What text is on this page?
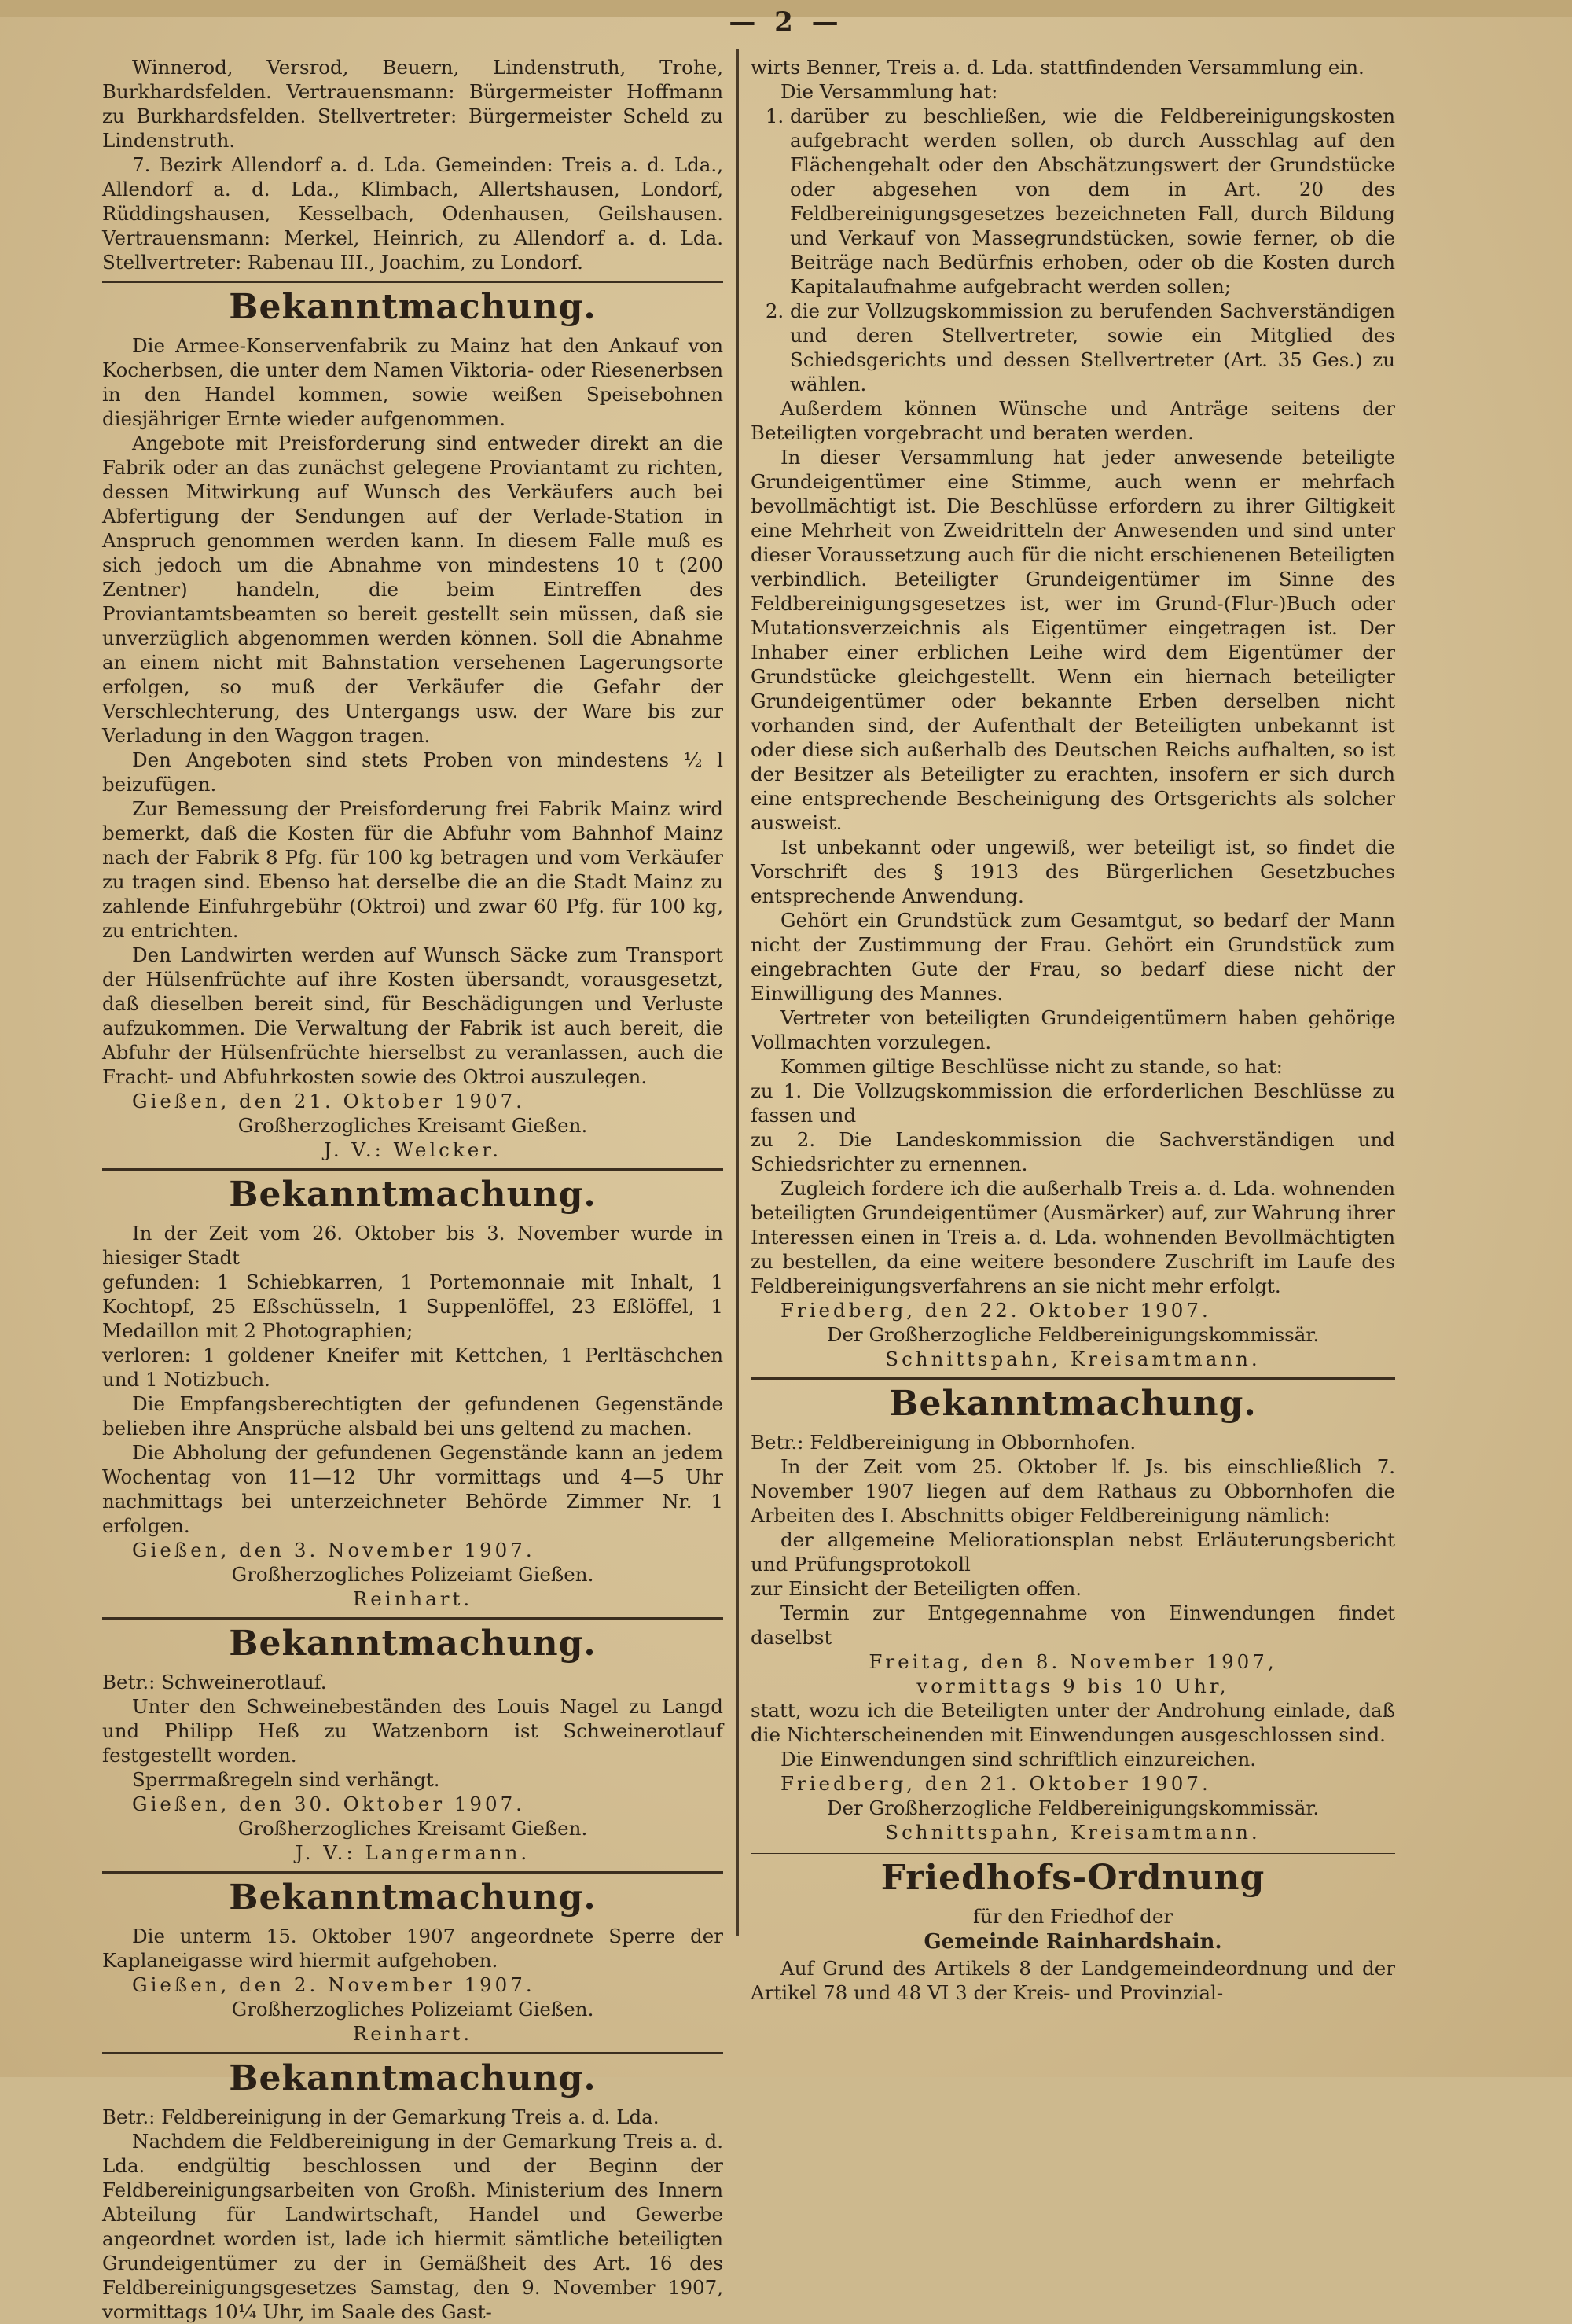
— 2 —

Winnerod, Versrod, Beuern, Lindenstruth, Trohe, Burkhardsfelden. Vertrauensmann: Bürgermeister Hoffmann zu Burkhardsfelden. Stellvertreter: Bürgermeister Scheld zu Lindenstruth.

7. Bezirk Allendorf a. d. Lda. Gemeinden: Treis a. d. Lda., Allendorf a. d. Lda., Klimbach, Allertshausen, Londorf, Rüddingshausen, Kesselbach, Odenhausen, Geilshausen. Vertrauensmann: Merkel, Heinrich, zu Allendorf a. d. Lda. Stellvertreter: Rabenau III., Joachim, zu Londorf.

Bekanntmachung.

Die Armee-Konservenfabrik zu Mainz hat den Ankauf von Kocherbsen, die unter dem Namen Viktoria- oder Riesenerbsen in den Handel kommen, sowie weißen Speisebohnen diesjähriger Ernte wieder aufgenommen.

Angebote mit Preisforderung sind entweder direkt an die Fabrik oder an das zunächst gelegene Proviantamt zu richten, dessen Mitwirkung auf Wunsch des Verkäufers auch bei Abfertigung der Sendungen auf der Verlade-Station in Anspruch genommen werden kann. In diesem Falle muß es sich jedoch um die Abnahme von mindestens 10 t (200 Zentner) handeln, die beim Eintreffen des Proviantamtsbeamten so bereit gestellt sein müssen, daß sie unverzüglich abgenommen werden können. Soll die Abnahme an einem nicht mit Bahnstation versehenen Lagerungsorte erfolgen, so muß der Verkäufer die Gefahr der Verschlechterung, des Untergangs usw. der Ware bis zur Verladung in den Waggon tragen.

Den Angeboten sind stets Proben von mindestens ½ l beizufügen.

Zur Bemessung der Preisforderung frei Fabrik Mainz wird bemerkt, daß die Kosten für die Abfuhr vom Bahnhof Mainz nach der Fabrik 8 Pfg. für 100 kg betragen und vom Verkäufer zu tragen sind. Ebenso hat derselbe die an die Stadt Mainz zu zahlende Einfuhrgebühr (Oktroi) und zwar 60 Pfg. für 100 kg, zu entrichten.

Den Landwirten werden auf Wunsch Säcke zum Transport der Hülsenfrüchte auf ihre Kosten übersandt, vorausgesetzt, daß dieselben bereit sind, für Beschädigungen und Verluste aufzukommen. Die Verwaltung der Fabrik ist auch bereit, die Abfuhr der Hülsenfrüchte hierselbst zu veranlassen, auch die Fracht- und Abfuhrkosten sowie des Oktroi auszulegen.

Gießen, den 21. Oktober 1907.

Großherzogliches Kreisamt Gießen.

J. V.: Welcker.

Bekanntmachung.

In der Zeit vom 26. Oktober bis 3. November wurde in hiesiger Stadt

gefunden: 1 Schiebkarren, 1 Portemonnaie mit Inhalt, 1 Kochtopf, 25 Eßschüsseln, 1 Suppenlöffel, 23 Eßlöffel, 1 Medaillon mit 2 Photographien;

verloren: 1 goldener Kneifer mit Kettchen, 1 Perltäschchen und 1 Notizbuch.

Die Empfangsberechtigten der gefundenen Gegenstände belieben ihre Ansprüche alsbald bei uns geltend zu machen.

Die Abholung der gefundenen Gegenstände kann an jedem Wochentag von 11—12 Uhr vormittags und 4—5 Uhr nachmittags bei unterzeichneter Behörde Zimmer Nr. 1 erfolgen.

Gießen, den 3. November 1907.

Großherzogliches Polizeiamt Gießen.

Reinhart.

Bekanntmachung.

Betr.: Schweinerotlauf.

Unter den Schweinebeständen des Louis Nagel zu Langd und Philipp Heß zu Watzenborn ist Schweinerotlauf festgestellt worden.

Sperrmaßregeln sind verhängt.

Gießen, den 30. Oktober 1907.

Großherzogliches Kreisamt Gießen.

J. V.: Langermann.

Bekanntmachung.

Die unterm 15. Oktober 1907 angeordnete Sperre der Kaplaneigasse wird hiermit aufgehoben.

Gießen, den 2. November 1907.

Großherzogliches Polizeiamt Gießen.

Reinhart.

Bekanntmachung.

Betr.: Feldbereinigung in der Gemarkung Treis a. d. Lda.

Nachdem die Feldbereinigung in der Gemarkung Treis a. d. Lda. endgültig beschlossen und der Beginn der Feldbereinigungsarbeiten von Großh. Ministerium des Innern Abteilung für Landwirtschaft, Handel und Gewerbe angeordnet worden ist, lade ich hiermit sämtliche beteiligten Grundeigentümer zu der in Gemäßheit des Art. 16 des Feldbereinigungsgesetzes Samstag, den 9. November 1907, vormittags 10¼ Uhr, im Saale des Gast-

wirts Benner, Treis a. d. Lda. stattfindenden Versammlung ein.

Die Versammlung hat:

1. darüber zu beschließen, wie die Feldbereinigungskosten aufgebracht werden sollen, ob durch Ausschlag auf den Flächengehalt oder den Abschätzungswert der Grundstücke oder abgesehen von dem in Art. 20 des Feldbereinigungsgesetzes bezeichneten Fall, durch Bildung und Verkauf von Massegrundstücken, sowie ferner, ob die Beiträge nach Bedürfnis erhoben, oder ob die Kosten durch Kapitalaufnahme aufgebracht werden sollen;
2. die zur Vollzugskommission zu berufenden Sachverständigen und deren Stellvertreter, sowie ein Mitglied des Schiedsgerichts und dessen Stellvertreter (Art. 35 Ges.) zu wählen.

Außerdem können Wünsche und Anträge seitens der Beteiligten vorgebracht und beraten werden.

In dieser Versammlung hat jeder anwesende beteiligte Grundeigentümer eine Stimme, auch wenn er mehrfach bevollmächtigt ist. Die Beschlüsse erfordern zu ihrer Giltigkeit eine Mehrheit von Zweidritteln der Anwesenden und sind unter dieser Voraussetzung auch für die nicht erschienenen Beteiligten verbindlich. Beteiligter Grundeigentümer im Sinne des Feldbereinigungsgesetzes ist, wer im Grund-(Flur-)Buch oder Mutationsverzeichnis als Eigentümer eingetragen ist. Der Inhaber einer erblichen Leihe wird dem Eigentümer der Grundstücke gleichgestellt. Wenn ein hiernach beteiligter Grundeigentümer oder bekannte Erben derselben nicht vorhanden sind, der Aufenthalt der Beteiligten unbekannt ist oder diese sich außerhalb des Deutschen Reichs aufhalten, so ist der Besitzer als Beteiligter zu erachten, insofern er sich durch eine entsprechende Bescheinigung des Ortsgerichts als solcher ausweist.

Ist unbekannt oder ungewiß, wer beteiligt ist, so findet die Vorschrift des § 1913 des Bürgerlichen Gesetzbuches entsprechende Anwendung.

Gehört ein Grundstück zum Gesamtgut, so bedarf der Mann nicht der Zustimmung der Frau. Gehört ein Grundstück zum eingebrachten Gute der Frau, so bedarf diese nicht der Einwilligung des Mannes.

Vertreter von beteiligten Grundeigentümern haben gehörige Vollmachten vorzulegen.

Kommen giltige Beschlüsse nicht zu stande, so hat:

zu 1. Die Vollzugskommission die erforderlichen Beschlüsse zu fassen und

zu 2. Die Landeskommission die Sachverständigen und Schiedsrichter zu ernennen.

Zugleich fordere ich die außerhalb Treis a. d. Lda. wohnenden beteiligten Grundeigentümer (Ausmärker) auf, zur Wahrung ihrer Interessen einen in Treis a. d. Lda. wohnenden Bevollmächtigten zu bestellen, da eine weitere besondere Zuschrift im Laufe des Feldbereinigungsverfahrens an sie nicht mehr erfolgt.

Friedberg, den 22. Oktober 1907.

Der Großherzogliche Feldbereinigungskommissär.

Schnittspahn, Kreisamtmann.

Bekanntmachung.

Betr.: Feldbereinigung in Obbornhofen.

In der Zeit vom 25. Oktober lf. Js. bis einschließlich 7. November 1907 liegen auf dem Rathaus zu Obbornhofen die Arbeiten des I. Abschnitts obiger Feldbereinigung nämlich:

der allgemeine Meliorationsplan nebst Erläuterungsbericht und Prüfungsprotokoll

zur Einsicht der Beteiligten offen.

Termin zur Entgegennahme von Einwendungen findet daselbst

Freitag, den 8. November 1907,

vormittags 9 bis 10 Uhr,

statt, wozu ich die Beteiligten unter der Androhung einlade, daß die Nichterscheinenden mit Einwendungen ausgeschlossen sind.

Die Einwendungen sind schriftlich einzureichen.

Friedberg, den 21. Oktober 1907.

Der Großherzogliche Feldbereinigungskommissär.

Schnittspahn, Kreisamtmann.

Friedhofs-Ordnung

für den Friedhof der

Gemeinde Rainhardshain.

Auf Grund des Artikels 8 der Landgemeindeordnung und der Artikel 78 und 48 VI 3 der Kreis- und Provinzial-
